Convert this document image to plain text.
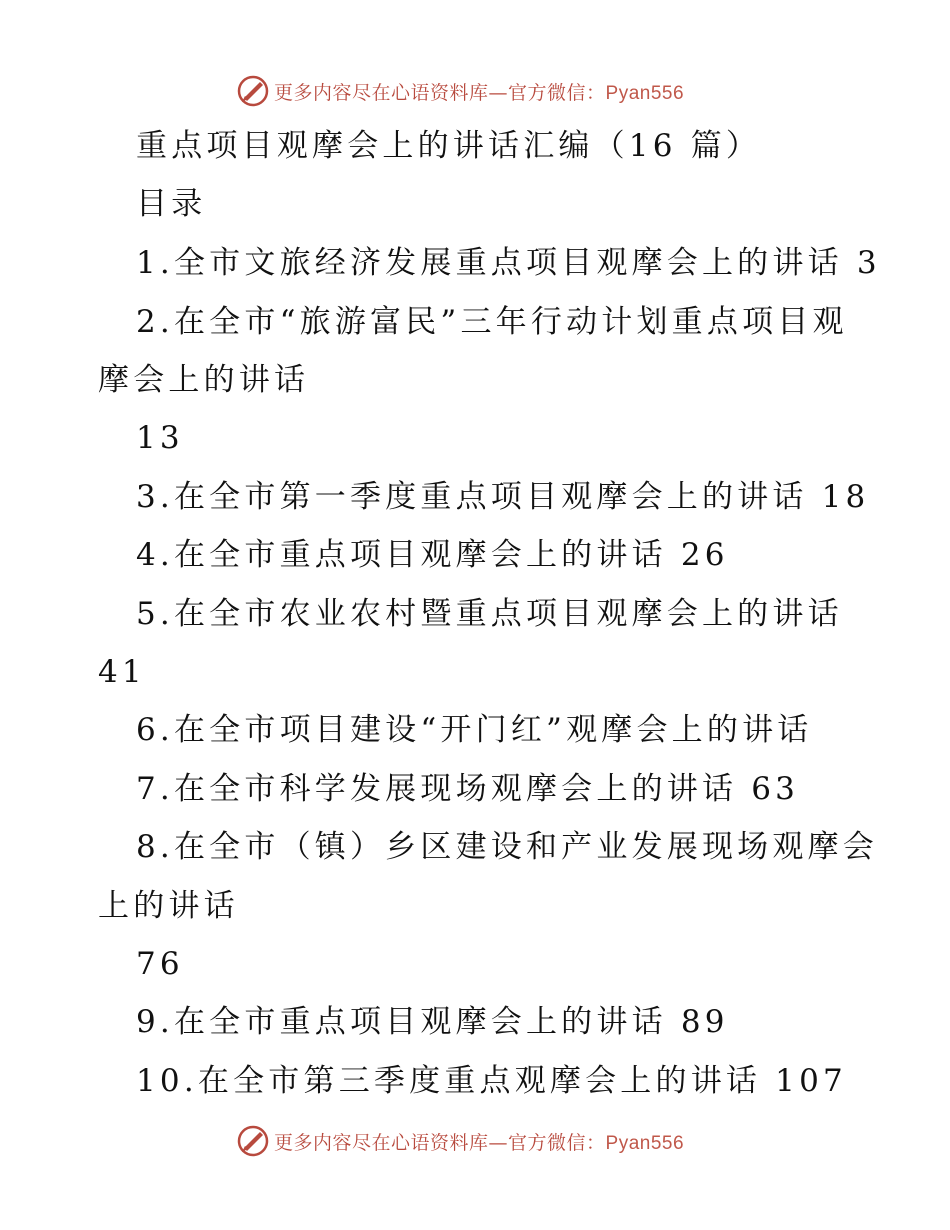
更多内容尽在心语资料库—官方微信：Pyan556
重点项目观摩会上的讲话汇编（16 篇）
目录
1.全市文旅经济发展重点项目观摩会上的讲话 3
2.在全市“旅游富民”三年行动计划重点项目观
摩会上的讲话
13
3.在全市第一季度重点项目观摩会上的讲话 18
4.在全市重点项目观摩会上的讲话 26
5.在全市农业农村暨重点项目观摩会上的讲话
41
6.在全市项目建设“开门红”观摩会上的讲话
7.在全市科学发展现场观摩会上的讲话 63
8.在全市（镇）乡区建设和产业发展现场观摩会
上的讲话
76
9.在全市重点项目观摩会上的讲话 89
10.在全市第三季度重点观摩会上的讲话 107
更多内容尽在心语资料库—官方微信：Pyan556
